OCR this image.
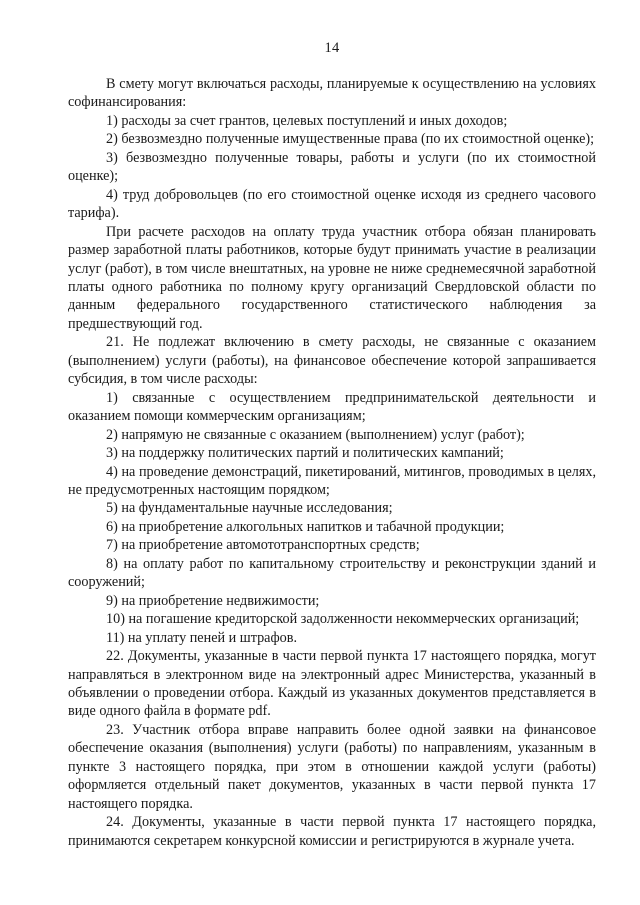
14

В смету могут включаться расходы, планируемые к осуществлению на условиях софинансирования:

1) расходы за счет грантов, целевых поступлений и иных доходов;

2) безвозмездно полученные имущественные права (по их стоимостной оценке);

3) безвозмездно полученные товары, работы и услуги (по их стоимостной оценке);

4) труд добровольцев (по его стоимостной оценке исходя из среднего часового тарифа).

При расчете расходов на оплату труда участник отбора обязан планировать размер заработной платы работников, которые будут принимать участие в реализации услуг (работ), в том числе внештатных, на уровне не ниже среднемесячной заработной платы одного работника по полному кругу организаций Свердловской области по данным федерального государственного статистического наблюдения за предшествующий год.

21. Не подлежат включению в смету расходы, не связанные с оказанием (выполнением) услуги (работы), на финансовое обеспечение которой запрашивается субсидия, в том числе расходы:

1) связанные с осуществлением предпринимательской деятельности и оказанием помощи коммерческим организациям;

2) напрямую не связанные с оказанием (выполнением) услуг (работ);

3) на поддержку политических партий и политических кампаний;

4) на проведение демонстраций, пикетирований, митингов, проводимых в целях, не предусмотренных настоящим порядком;

5) на фундаментальные научные исследования;

6) на приобретение алкогольных напитков и табачной продукции;

7) на приобретение автомототранспортных средств;

8) на оплату работ по капитальному строительству и реконструкции зданий и сооружений;

9) на приобретение недвижимости;

10) на погашение кредиторской задолженности некоммерческих организаций;

11) на уплату пеней и штрафов.

22. Документы, указанные в части первой пункта 17 настоящего порядка, могут направляться в электронном виде на электронный адрес Министерства, указанный в объявлении о проведении отбора. Каждый из указанных документов представляется в виде одного файла в формате pdf.

23. Участник отбора вправе направить более одной заявки на финансовое обеспечение оказания (выполнения) услуги (работы) по направлениям, указанным в пункте 3 настоящего порядка, при этом в отношении каждой услуги (работы) оформляется отдельный пакет документов, указанных в части первой пункта 17 настоящего порядка.

24. Документы, указанные в части первой пункта 17 настоящего порядка, принимаются секретарем конкурсной комиссии и регистрируются в журнале учета.
